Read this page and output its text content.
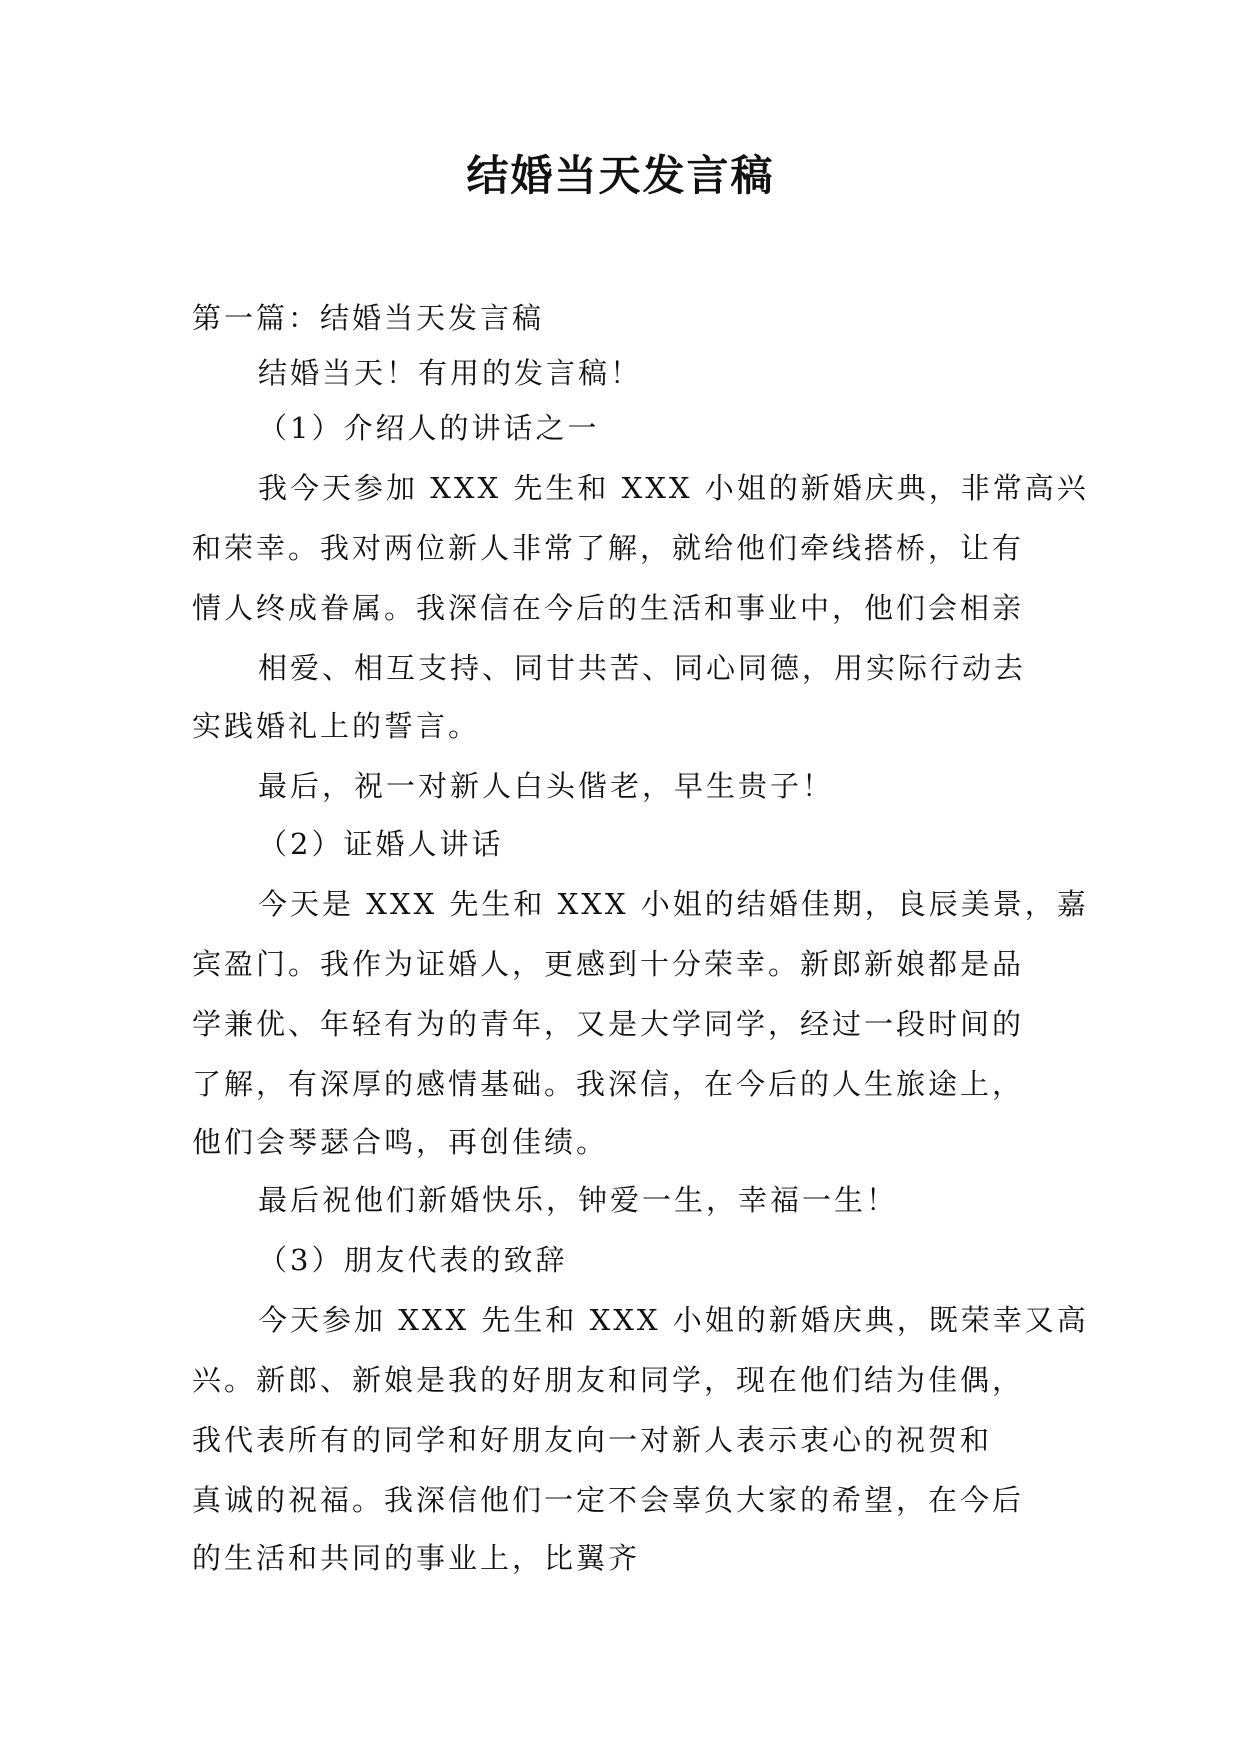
结婚当天发言稿
第一篇：结婚当天发言稿
结婚当天！有用的发言稿！
（1）介绍人的讲话之一
我今天参加 XXX 先生和 XXX 小姐的新婚庆典，非常高兴
和荣幸。我对两位新人非常了解，就给他们牵线搭桥，让有
情人终成眷属。我深信在今后的生活和事业中，他们会相亲
相爱、相互支持、同甘共苦、同心同德，用实际行动去
实践婚礼上的誓言。
最后，祝一对新人白头偕老，早生贵子！
（2）证婚人讲话
今天是 XXX 先生和 XXX 小姐的结婚佳期，良辰美景，嘉
宾盈门。我作为证婚人，更感到十分荣幸。新郎新娘都是品
学兼优、年轻有为的青年，又是大学同学，经过一段时间的
了解，有深厚的感情基础。我深信，在今后的人生旅途上，
他们会琴瑟合鸣，再创佳绩。
最后祝他们新婚快乐，钟爱一生，幸福一生！
（3）朋友代表的致辞
今天参加 XXX 先生和 XXX 小姐的新婚庆典，既荣幸又高
兴。新郎、新娘是我的好朋友和同学，现在他们结为佳偶，
我代表所有的同学和好朋友向一对新人表示衷心的祝贺和
真诚的祝福。我深信他们一定不会辜负大家的希望，在今后
的生活和共同的事业上，比翼齐
